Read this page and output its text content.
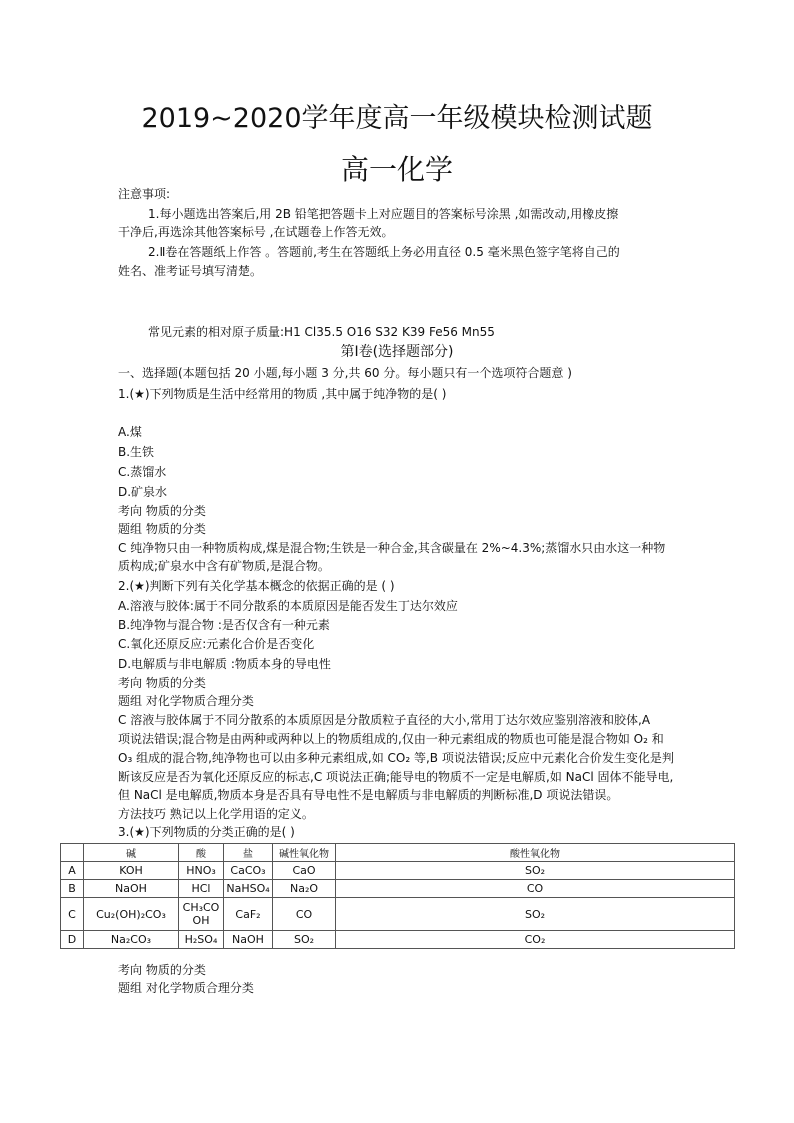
2019~2020学年度高一年级模块检测试题
高一化学
注意事项:
1.每小题选出答案后,用 2B 铅笔把答题卡上对应题目的答案标号涂黑 ,如需改动,用橡皮擦
干净后,再选涂其他答案标号 ,在试题卷上作答无效。
2.Ⅱ卷在答题纸上作答 。答题前,考生在答题纸上务必用直径 0.5 毫米黑色签字笔将自己的
姓名、准考证号填写清楚。
常见元素的相对原子质量:H1 Cl35.5 O16 S32 K39 Fe56 Mn55
第Ⅰ卷(选择题部分)
一、选择题(本题包括 20 小题,每小题 3 分,共 60 分。每小题只有一个选项符合题意 )
1.(★)下列物质是生活中经常用的物质 ,其中属于纯净物的是( )
A.煤
B.生铁
C.蒸馏水
D.矿泉水
考向 物质的分类
题组 物质的分类
C 纯净物只由一种物质构成,煤是混合物;生铁是一种合金,其含碳量在 2%~4.3%;蒸馏水只由水这一种物
质构成;矿泉水中含有矿物质,是混合物。
2.(★)判断下列有关化学基本概念的依据正确的是 ( )
A.溶液与胶体:属于不同分散系的本质原因是能否发生丁达尔效应
B.纯净物与混合物 :是否仅含有一种元素
C.氧化还原反应:元素化合价是否变化
D.电解质与非电解质 :物质本身的导电性
考向 物质的分类
题组 对化学物质合理分类
C 溶液与胶体属于不同分散系的本质原因是分散质粒子直径的大小,常用丁达尔效应鉴别溶液和胶体,A
项说法错误;混合物是由两种或两种以上的物质组成的,仅由一种元素组成的物质也可能是混合物如 O₂ 和
O₃ 组成的混合物,纯净物也可以由多种元素组成,如 CO₂ 等,B 项说法错误;反应中元素化合价发生变化是判
断该反应是否为氧化还原反应的标志,C 项说法正确;能导电的物质不一定是电解质,如 NaCl 固体不能导电,
但 NaCl 是电解质,物质本身是否具有导电性不是电解质与非电解质的判断标准,D 项说法错误。
方法技巧 熟记以上化学用语的定义。
3.(★)下列物质的分类正确的是( )
	碱	酸	盐	碱性氧化物	酸性氧化物
A	KOH	HNO₃	CaCO₃	CaO	SO₂
B	NaOH	HCl	NaHSO₄	Na₂O	CO
C	Cu₂(OH)₂CO₃	CH₃COOH	CaF₂	CO	SO₂
D	Na₂CO₃	H₂SO₄	NaOH	SO₂	CO₂
考向 物质的分类
题组 对化学物质合理分类
